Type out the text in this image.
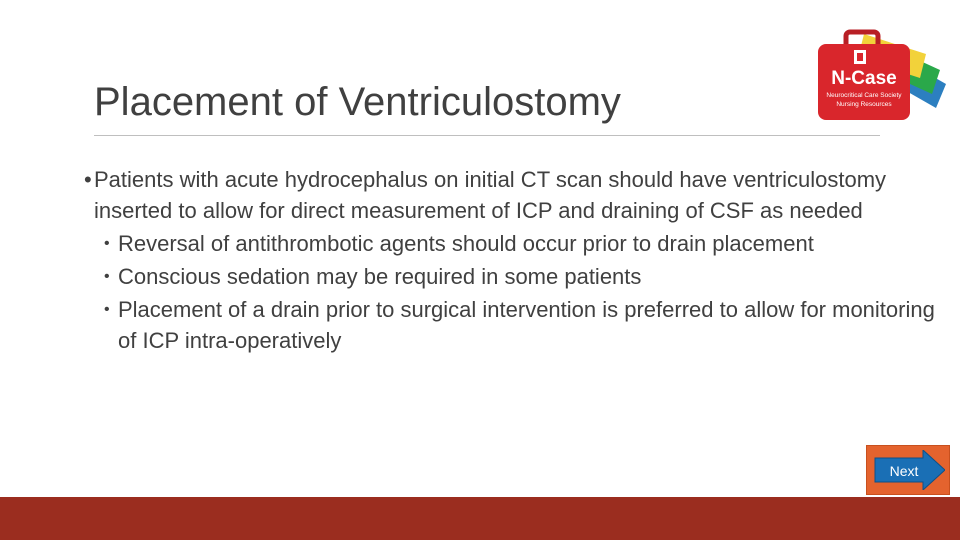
Placement of Ventriculostomy
N-Case
Neurocritical Care Society
Nursing Resources

• Patients with acute hydrocephalus on initial CT scan should have ventriculostomy inserted to allow for direct measurement of ICP and draining of CSF as needed

• Reversal of antithrombotic agents should occur prior to drain placement

• Conscious sedation may be required in some patients

• Placement of a drain prior to surgical intervention is preferred to allow for monitoring of ICP intra-operatively

Next
